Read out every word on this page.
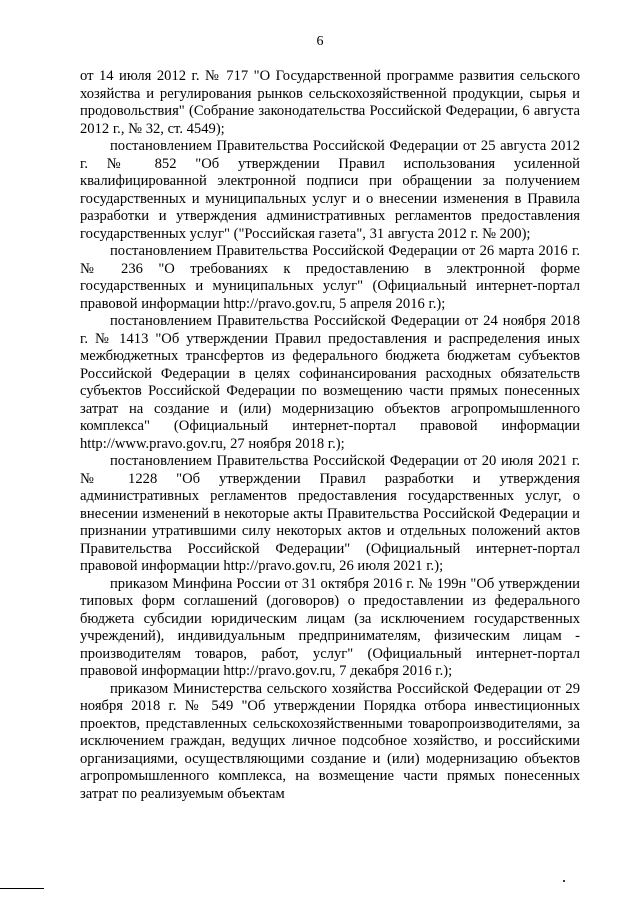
6

от 14 июля 2012 г. № 717 "О Государственной программе развития сельского хозяйства и регулирования рынков сельскохозяйственной продукции, сырья и продовольствия" (Собрание законодательства Российской Федерации, 6 августа 2012 г., № 32, ст. 4549);

постановлением Правительства Российской Федерации от 25 августа 2012 г. № 852 "Об утверждении Правил использования усиленной квалифицированной электронной подписи при обращении за получением государственных и муниципальных услуг и о внесении изменения в Правила разработки и утверждения административных регламентов предоставления государственных услуг" ("Российская газета", 31 августа 2012 г. № 200);

постановлением Правительства Российской Федерации от 26 марта 2016 г. № 236 "О требованиях к предоставлению в электронной форме государственных и муниципальных услуг" (Официальный интернет-портал правовой информации http://pravo.gov.ru, 5 апреля 2016 г.);

постановлением Правительства Российской Федерации от 24 ноября 2018 г. № 1413 "Об утверждении Правил предоставления и распределения иных межбюджетных трансфертов из федерального бюджета бюджетам субъектов Российской Федерации в целях софинансирования расходных обязательств субъектов Российской Федерации по возмещению части прямых понесенных затрат на создание и (или) модернизацию объектов агропромышленного комплекса" (Официальный интернет-портал правовой информации http://www.pravo.gov.ru, 27 ноября 2018 г.);

постановлением Правительства Российской Федерации от 20 июля 2021 г. № 1228 "Об утверждении Правил разработки и утверждения административных регламентов предоставления государственных услуг, о внесении изменений в некоторые акты Правительства Российской Федерации и признании утратившими силу некоторых актов и отдельных положений актов Правительства Российской Федерации" (Официальный интернет-портал правовой информации http://pravo.gov.ru, 26 июля 2021 г.);

приказом Минфина России от 31 октября 2016 г. № 199н "Об утверждении типовых форм соглашений (договоров) о предоставлении из федерального бюджета субсидии юридическим лицам (за исключением государственных учреждений), индивидуальным предпринимателям, физическим лицам - производителям товаров, работ, услуг" (Официальный интернет-портал правовой информации http://pravo.gov.ru, 7 декабря 2016 г.);

приказом Министерства сельского хозяйства Российской Федерации от 29 ноября 2018 г. № 549 "Об утверждении Порядка отбора инвестиционных проектов, представленных сельскохозяйственными товаропроизводителями, за исключением граждан, ведущих личное подсобное хозяйство, и российскими организациями, осуществляющими создание и (или) модернизацию объектов агропромышленного комплекса, на возмещение части прямых понесенных затрат по реализуемым объектам
